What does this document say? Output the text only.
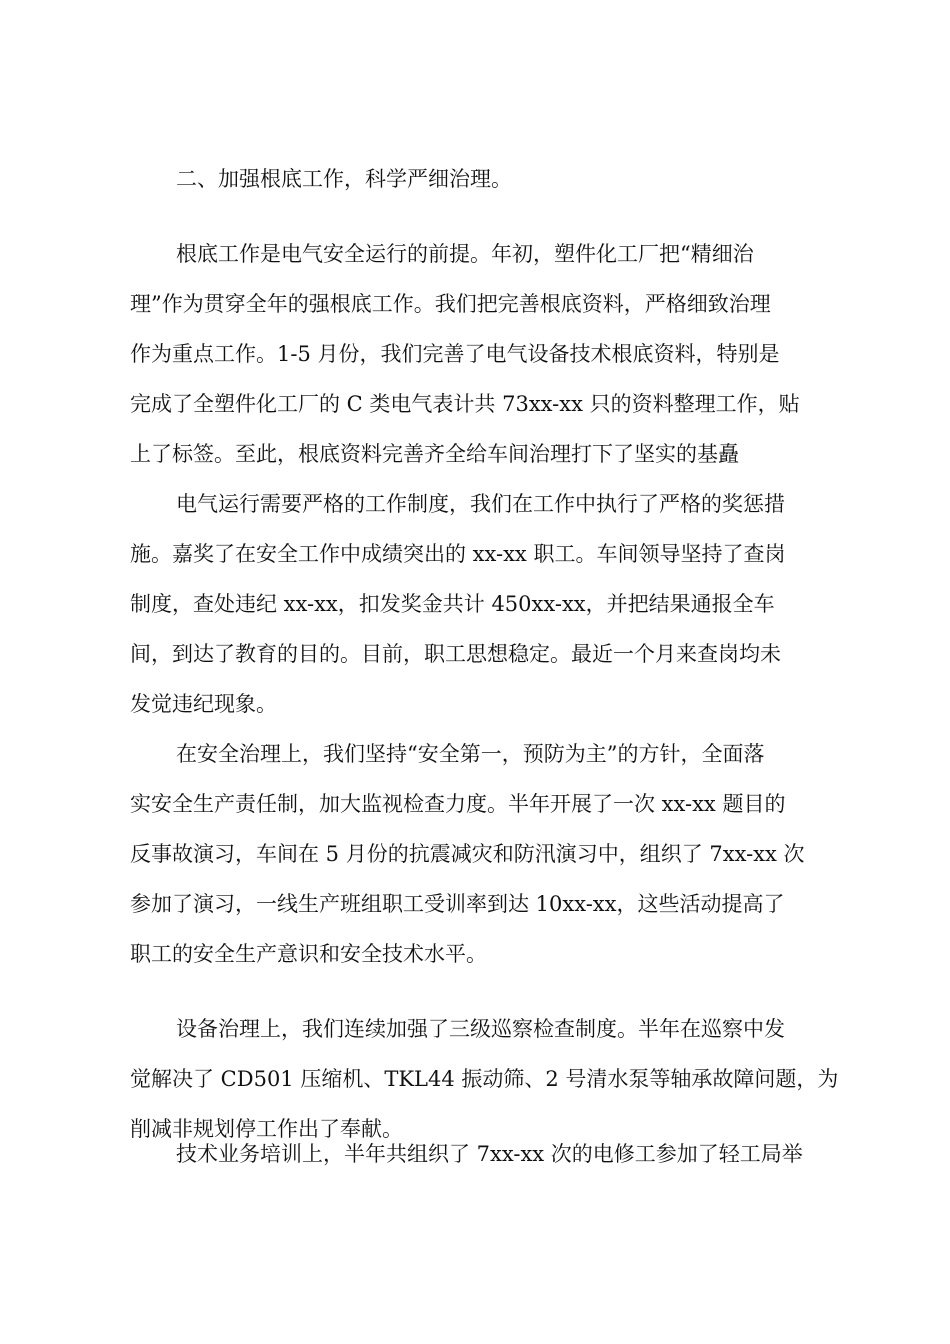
二、加强根底工作，科学严细治理。
根底工作是电气安全运行的前提。年初，塑件化工厂把“精细治
理”作为贯穿全年的强根底工作。我们把完善根底资料，严格细致治理
作为重点工作。1-5 月份，我们完善了电气设备技术根底资料，特别是
完成了全塑件化工厂的 C 类电气表计共 73xx-xx 只的资料整理工作，贴
上了标签。至此，根底资料完善齐全给车间治理打下了坚实的基矗
电气运行需要严格的工作制度，我们在工作中执行了严格的奖惩措
施。嘉奖了在安全工作中成绩突出的 xx-xx 职工。车间领导坚持了查岗
制度，查处违纪 xx-xx，扣发奖金共计 450xx-xx，并把结果通报全车
间，到达了教育的目的。目前，职工思想稳定。最近一个月来查岗均未
发觉违纪现象。
在安全治理上，我们坚持“安全第一，预防为主”的方针，全面落
实安全生产责任制，加大监视检查力度。半年开展了一次 xx-xx 题目的
反事故演习，车间在 5 月份的抗震减灾和防汛演习中，组织了 7xx-xx 次
参加了演习，一线生产班组职工受训率到达 10xx-xx，这些活动提高了
职工的安全生产意识和安全技术水平。
设备治理上，我们连续加强了三级巡察检查制度。半年在巡察中发
觉解决了 CD501 压缩机、TKL44 振动筛、2 号清水泵等轴承故障问题，为
削减非规划停工作出了奉献。
技术业务培训上，半年共组织了 7xx-xx 次的电修工参加了轻工局举
